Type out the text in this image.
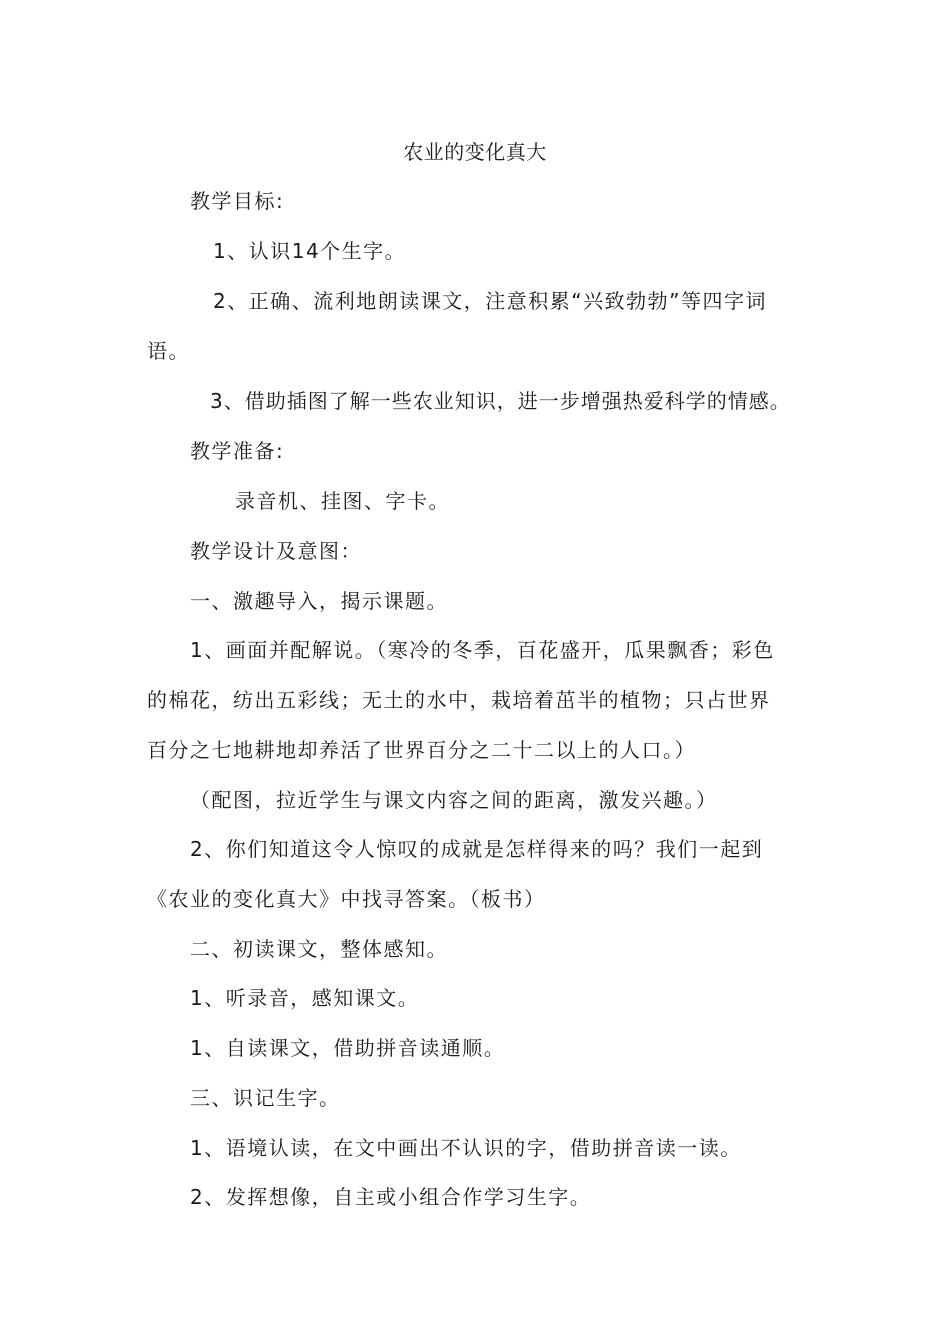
农业的变化真大
教学目标:
1、认识14个生字。
2、正确、流利地朗读课文，注意积累“兴致勃勃”等四字词
语。
3、借助插图了解一些农业知识，进一步增强热爱科学的情感。
教学准备:
录音机、挂图、字卡。
教学设计及意图：
一、激趣导入，揭示课题。
1、画面并配解说。（寒冷的冬季，百花盛开，瓜果飘香；彩色
的棉花，纺出五彩线；无土的水中，栽培着茁半的植物；只占世界
百分之七地耕地却养活了世界百分之二十二以上的人口。）
（配图，拉近学生与课文内容之间的距离，激发兴趣。）
2、你们知道这令人惊叹的成就是怎样得来的吗？我们一起到
《农业的变化真大》中找寻答案。（板书）
二、初读课文，整体感知。
1、听录音，感知课文。
1、自读课文，借助拼音读通顺。
三、识记生字。
1、语境认读，在文中画出不认识的字，借助拼音读一读。
2、发挥想像，自主或小组合作学习生字。
